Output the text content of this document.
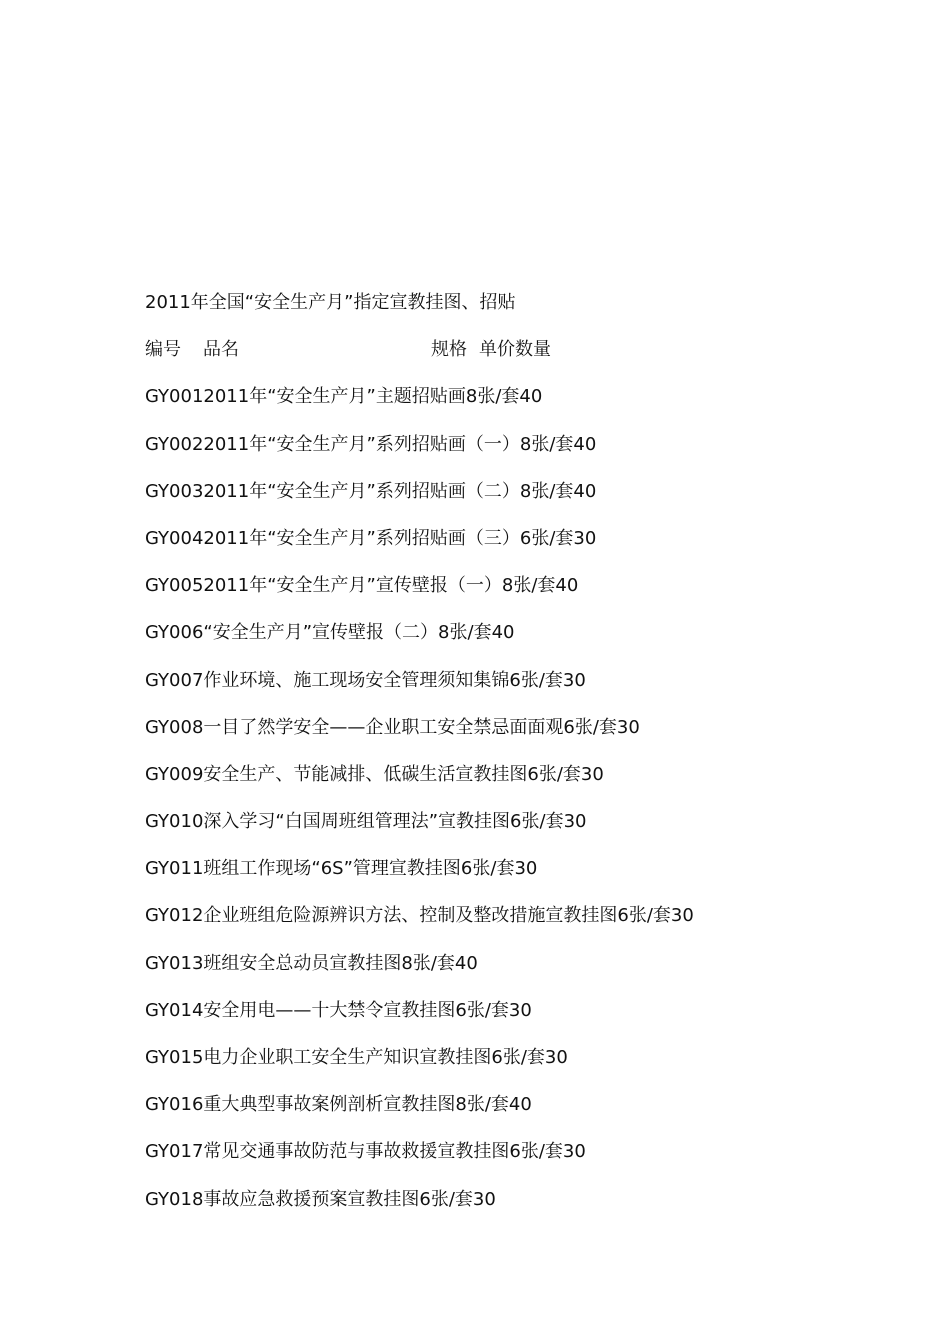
2011年全国“安全生产月”指定宣教挂图、招贴
编号	品名	规格 单价 数量
GY0012011年“安全生产月”主题招贴画8张/套40
GY0022011年“安全生产月”系列招贴画（一）8张/套40
GY0032011年“安全生产月”系列招贴画（二）8张/套40
GY0042011年“安全生产月”系列招贴画（三）6张/套30
GY0052011年“安全生产月”宣传壁报（一）8张/套40
GY006“安全生产月”宣传壁报（二）8张/套40
GY007作业环境、施工现场安全管理须知集锦6张/套30
GY008一目了然学安全——企业职工安全禁忌面面观6张/套30
GY009安全生产、节能减排、低碳生活宣教挂图6张/套30
GY010深入学习“白国周班组管理法”宣教挂图6张/套30
GY011班组工作现场“6S”管理宣教挂图6张/套30
GY012企业班组危险源辨识方法、控制及整改措施宣教挂图6张/套30
GY013班组安全总动员宣教挂图8张/套40
GY014安全用电——十大禁令宣教挂图6张/套30
GY015电力企业职工安全生产知识宣教挂图6张/套30
GY016重大典型事故案例剖析宣教挂图8张/套40
GY017常见交通事故防范与事故救援宣教挂图6张/套30
GY018事故应急救援预案宣教挂图6张/套30
